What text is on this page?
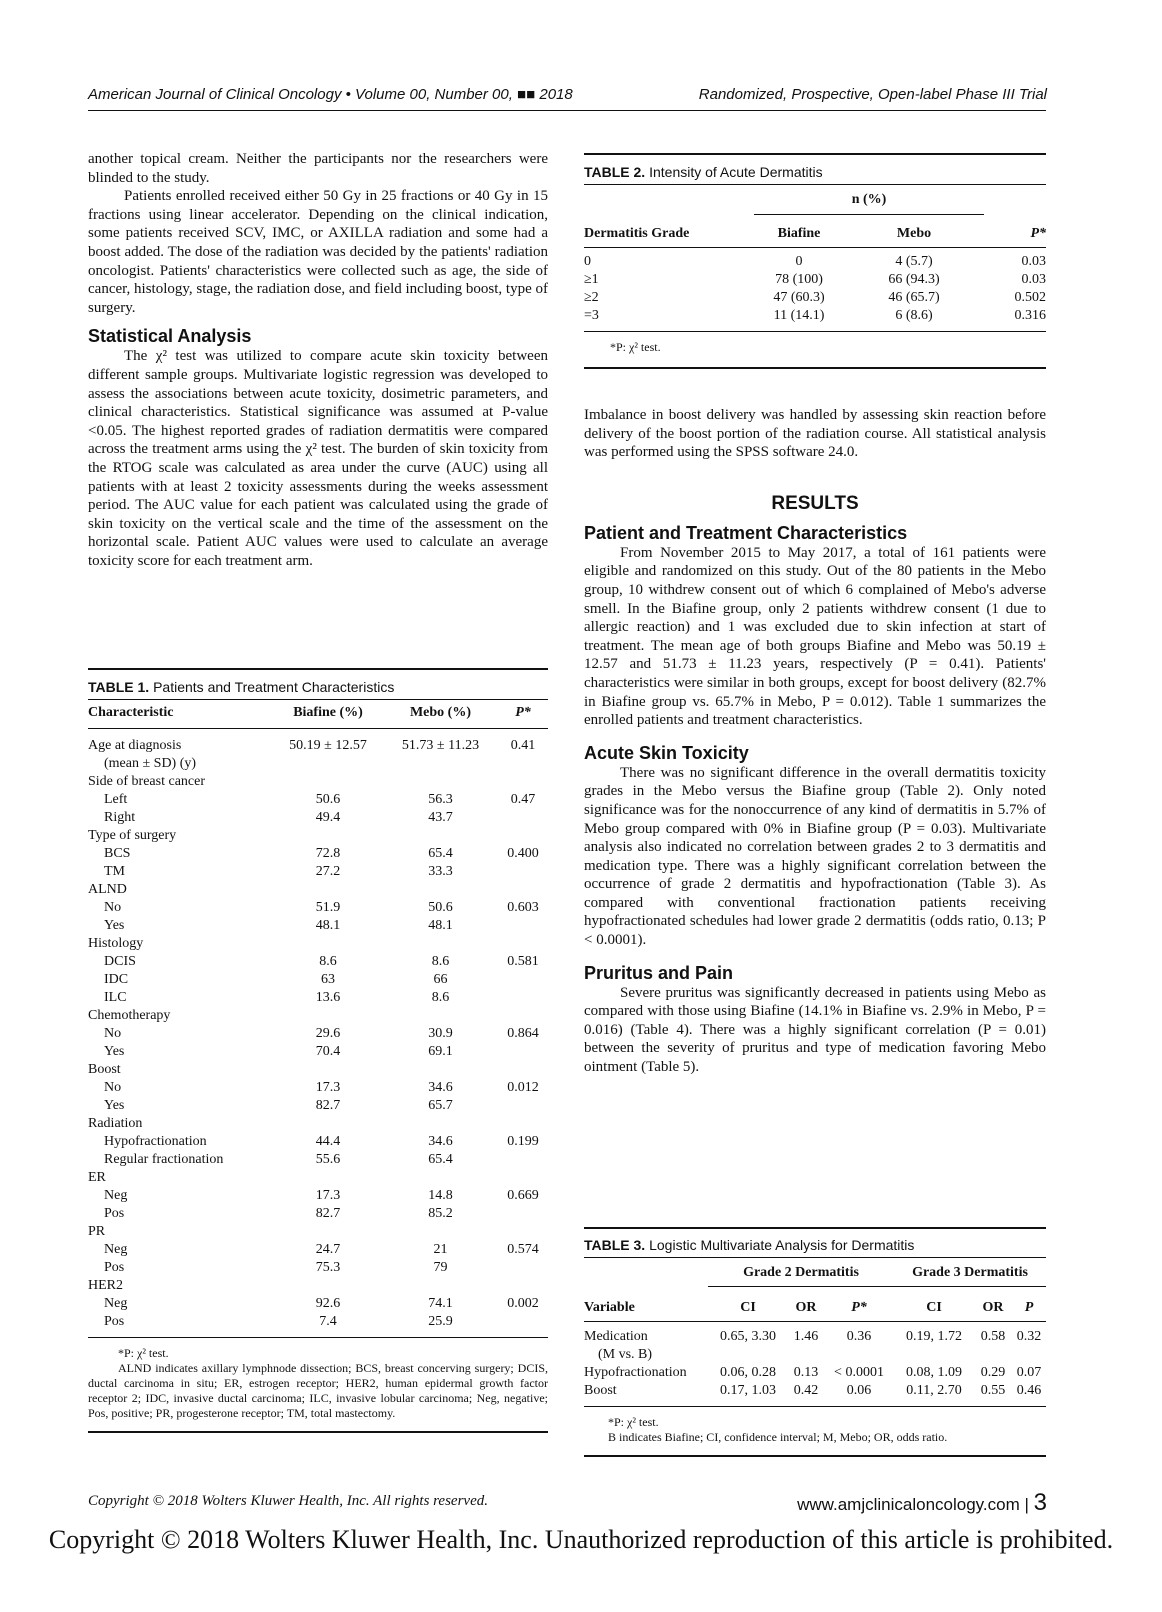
American Journal of Clinical Oncology • Volume 00, Number 00, ■■ 2018	Randomized, Prospective, Open-label Phase III Trial

another topical cream. Neither the participants nor the researchers were blinded to the study.

Patients enrolled received either 50 Gy in 25 fractions or 40 Gy in 15 fractions using linear accelerator. Depending on the clinical indication, some patients received SCV, IMC, or AXILLA radiation and some had a boost added. The dose of the radiation was decided by the patients' radiation oncologist. Patients' characteristics were collected such as age, the side of cancer, histology, stage, the radiation dose, and field including boost, type of surgery.

Statistical Analysis

The χ² test was utilized to compare acute skin toxicity between different sample groups. Multivariate logistic regression was developed to assess the associations between acute toxicity, dosimetric parameters, and clinical characteristics. Statistical significance was assumed at P-value <0.05. The highest reported grades of radiation dermatitis were compared across the treatment arms using the χ² test. The burden of skin toxicity from the RTOG scale was calculated as area under the curve (AUC) using all patients with at least 2 toxicity assessments during the weeks assessment period. The AUC value for each patient was calculated using the grade of skin toxicity on the vertical scale and the time of the assessment on the horizontal scale. Patient AUC values were used to calculate an average toxicity score for each treatment arm.

TABLE 1. Patients and Treatment Characteristics
Characteristic	Biafine (%)	Mebo (%)	P*

Age at diagnosis	50.19 ± 12.57	51.73 ± 11.23	0.41
(mean ± SD) (y)			
Side of breast cancer			
Left	50.6	56.3	0.47
Right	49.4	43.7	
Type of surgery			
BCS	72.8	65.4	0.400
TM	27.2	33.3	
ALND			
No	51.9	50.6	0.603
Yes	48.1	48.1	
Histology			
DCIS	8.6	8.6	0.581
IDC	63	66	
ILC	13.6	8.6	
Chemotherapy			
No	29.6	30.9	0.864
Yes	70.4	69.1	
Boost			
No	17.3	34.6	0.012
Yes	82.7	65.7	
Radiation			
Hypofractionation	44.4	34.6	0.199
Regular fractionation	55.6	65.4	
ER			
Neg	17.3	14.8	0.669
Pos	82.7	85.2	
PR			
Neg	24.7	21	0.574
Pos	75.3	79	
HER2			
Neg	92.6	74.1	0.002
Pos	7.4	25.9	
*P: χ² test.
ALND indicates axillary lymphnode dissection; BCS, breast concerving surgery; DCIS, ductal carcinoma in situ; ER, estrogen receptor; HER2, human epidermal growth factor receptor 2; IDC, invasive ductal carcinoma; ILC, invasive lobular carcinoma; Neg, negative; Pos, positive; PR, progesterone receptor; TM, total mastectomy.
TABLE 2. Intensity of Acute Dermatitis
	n (%)		

Dermatitis Grade	Biafine	Mebo	P*

0	0	4 (5.7)	0.03
≥1	78 (100)	66 (94.3)	0.03
≥2	47 (60.3)	46 (65.7)	0.502
=3	11 (14.1)	6 (8.6)	0.316
*P: χ² test.

Imbalance in boost delivery was handled by assessing skin reaction before delivery of the boost portion of the radiation course. All statistical analysis was performed using the SPSS software 24.0.

RESULTS
Patient and Treatment Characteristics

From November 2015 to May 2017, a total of 161 patients were eligible and randomized on this study. Out of the 80 patients in the Mebo group, 10 withdrew consent out of which 6 complained of Mebo's adverse smell. In the Biafine group, only 2 patients withdrew consent (1 due to allergic reaction) and 1 was excluded due to skin infection at start of treatment. The mean age of both groups Biafine and Mebo was 50.19 ± 12.57 and 51.73 ± 11.23 years, respectively (P = 0.41). Patients' characteristics were similar in both groups, except for boost delivery (82.7% in Biafine group vs. 65.7% in Mebo, P = 0.012). Table 1 summarizes the enrolled patients and treatment characteristics.

Acute Skin Toxicity

There was no significant difference in the overall dermatitis toxicity grades in the Mebo versus the Biafine group (Table 2). Only noted significance was for the nonoccurrence of any kind of dermatitis in 5.7% of Mebo group compared with 0% in Biafine group (P = 0.03). Multivariate analysis also indicated no correlation between grades 2 to 3 dermatitis and medication type. There was a highly significant correlation between the occurrence of grade 2 dermatitis and hypofractionation (Table 3). As compared with conventional fractionation patients receiving hypofractionated schedules had lower grade 2 dermatitis (odds ratio, 0.13; P < 0.0001).

Pruritus and Pain

Severe pruritus was significantly decreased in patients using Mebo as compared with those using Biafine (14.1% in Biafine vs. 2.9% in Mebo, P = 0.016) (Table 4). There was a highly significant correlation (P = 0.01) between the severity of pruritus and type of medication favoring Mebo ointment (Table 5).

TABLE 3. Logistic Multivariate Analysis for Dermatitis
	Grade 2 Dermatitis			Grade 3 Dermatitis		

Variable	CI	OR	P*	CI	OR	P

Medication	0.65, 3.30	1.46	0.36	0.19, 1.72	0.58	0.32
(M vs. B)						
Hypofractionation	0.06, 0.28	0.13	< 0.0001	0.08, 1.09	0.29	0.07
Boost	0.17, 1.03	0.42	0.06	0.11, 2.70	0.55	0.46
*P: χ² test.
B indicates Biafine; CI, confidence interval; M, Mebo; OR, odds ratio.
Copyright © 2018 Wolters Kluwer Health, Inc. All rights reserved.	www.amjclinicaloncology.com | 3
Copyright © 2018 Wolters Kluwer Health, Inc. Unauthorized reproduction of this article is prohibited.
